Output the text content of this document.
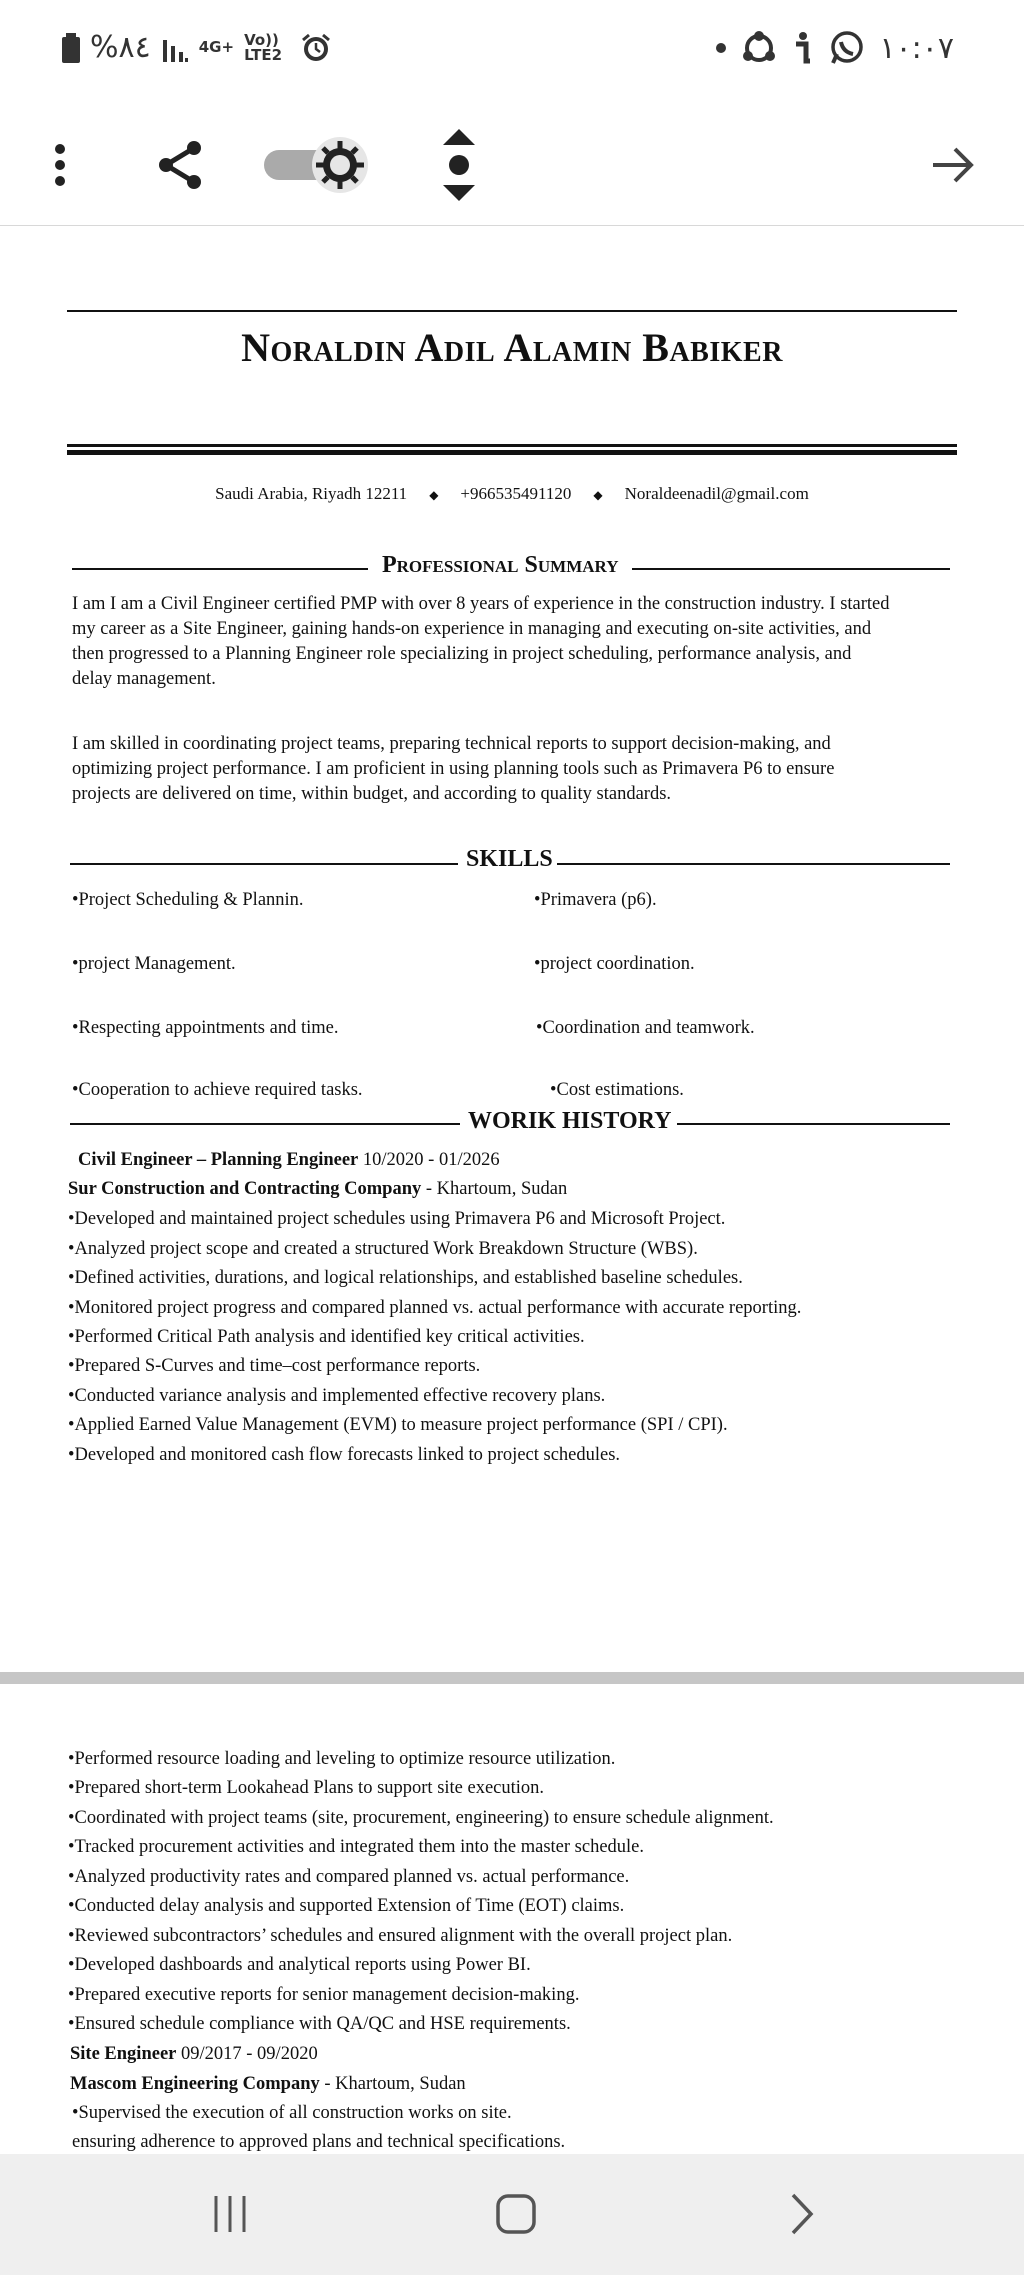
%٨٤	4G+ Vo)) LTE2	١٠:٠٧
Noraldin Adil Alamin Babiker
Saudi Arabia, Riyadh 12211 ◆ +966535491120 ◆ Noraldeenadil@gmail.com
Professional Summary
I am I am a Civil Engineer certified PMP with over 8 years of experience in the construction industry. I started
my career as a Site Engineer, gaining hands-on experience in managing and executing on-site activities, and
then progressed to a Planning Engineer role specializing in project scheduling, performance analysis, and
delay management.
I am skilled in coordinating project teams, preparing technical reports to support decision-making, and
optimizing project performance. I am proficient in using planning tools such as Primavera P6 to ensure
projects are delivered on time, within budget, and according to quality standards.
SKILLS
•Project Scheduling & Plannin.
•project Management.
•Respecting appointments and time.
•Cooperation to achieve required tasks.
•Primavera (p6).
•project coordination.
•Coordination and teamwork.
•Cost estimations.
WORIK HISTORY
Civil Engineer – Planning Engineer 10/2020 - 01/2026
Sur Construction and Contracting Company - Khartoum, Sudan
•Developed and maintained project schedules using Primavera P6 and Microsoft Project.
•Analyzed project scope and created a structured Work Breakdown Structure (WBS).
•Defined activities, durations, and logical relationships, and established baseline schedules.
•Monitored project progress and compared planned vs. actual performance with accurate reporting.
•Performed Critical Path analysis and identified key critical activities.
•Prepared S-Curves and time–cost performance reports.
•Conducted variance analysis and implemented effective recovery plans.
•Applied Earned Value Management (EVM) to measure project performance (SPI / CPI).
•Developed and monitored cash flow forecasts linked to project schedules.
•Performed resource loading and leveling to optimize resource utilization.
•Prepared short-term Lookahead Plans to support site execution.
•Coordinated with project teams (site, procurement, engineering) to ensure schedule alignment.
•Tracked procurement activities and integrated them into the master schedule.
•Analyzed productivity rates and compared planned vs. actual performance.
•Conducted delay analysis and supported Extension of Time (EOT) claims.
•Reviewed subcontractors’ schedules and ensured alignment with the overall project plan.
•Developed dashboards and analytical reports using Power BI.
•Prepared executive reports for senior management decision-making.
•Ensured schedule compliance with QA/QC and HSE requirements.
Site Engineer 09/2017 - 09/2020
Mascom Engineering Company - Khartoum, Sudan
•Supervised the execution of all construction works on site.
ensuring adherence to approved plans and technical specifications.
